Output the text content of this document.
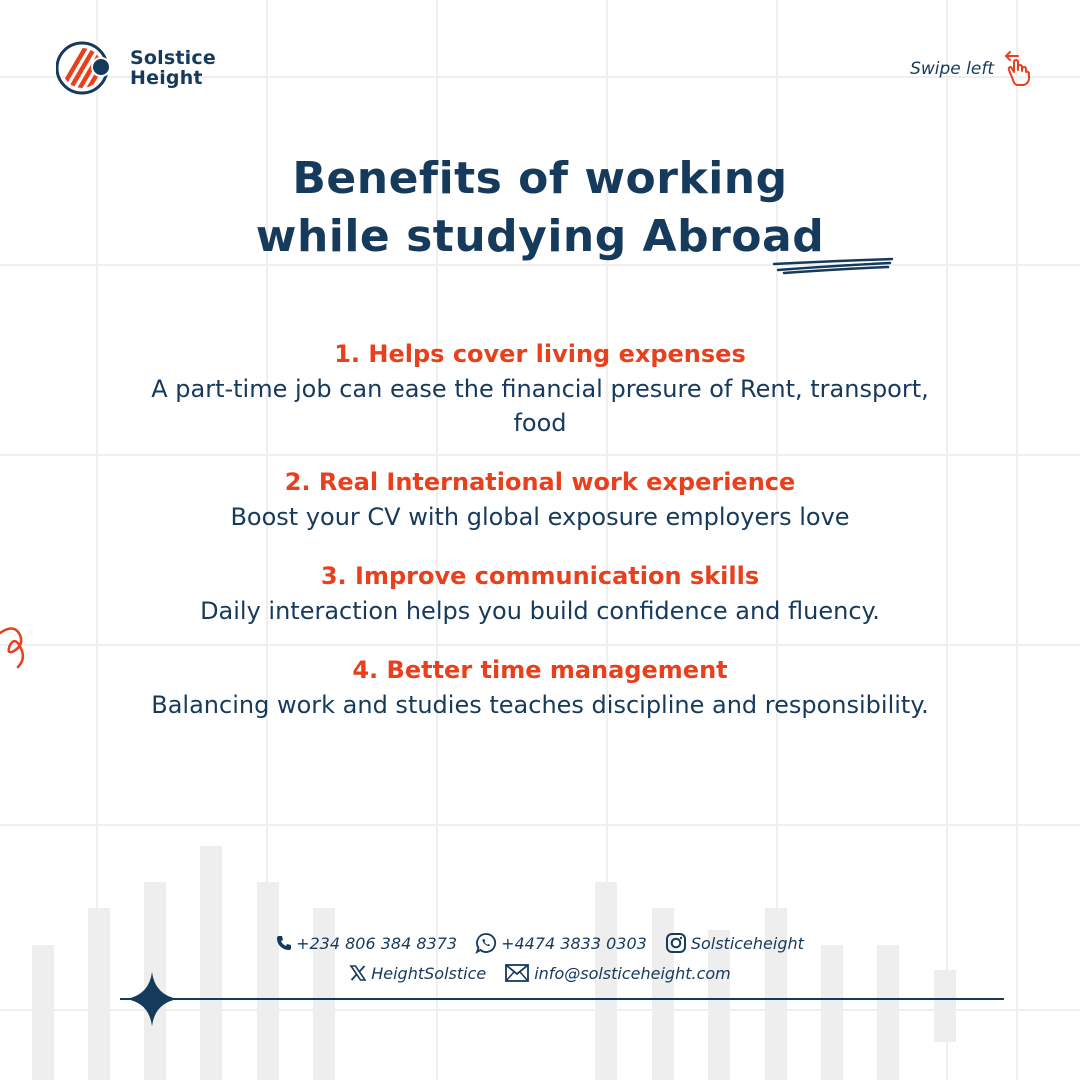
Solstice
Height	Swipe left
Benefits of working
while studying Abroad
1. Helps cover living expenses
A part-time job can ease the financial presure of Rent, transport, food
2. Real International work experience
Boost your CV with global exposure employers love
3. Improve communication skills
Daily interaction helps you build confidence and fluency.
4. Better time management
Balancing work and studies teaches discipline and responsibility.
+234 806 384 8373	+4474 3833 0303	Solsticeheight
HeightSolstice	info@solsticeheight.com
